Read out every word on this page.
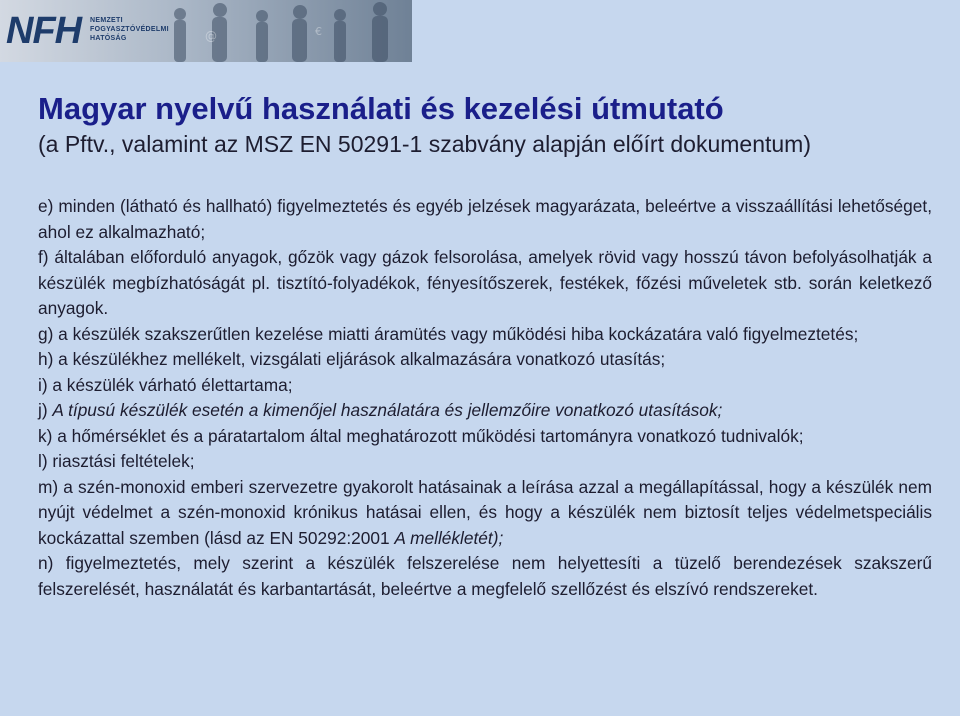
NFH NEMZETI
FOGYASZTÓVÉDELMI
HATÓSÁG	@	€
Magyar nyelvű használati és kezelési útmutató
(a Pftv., valamint az MSZ EN 50291-1 szabvány alapján előírt dokumentum)

e) minden (látható és hallható) figyelmeztetés és egyéb jelzések magyarázata, beleértve a visszaállítási lehetőséget, ahol ez alkalmazható;

f) általában előforduló anyagok, gőzök vagy gázok felsorolása, amelyek rövid vagy hosszú távon befolyásolhatják a készülék megbízhatóságát pl. tisztító-folyadékok, fényesítőszerek, festékek, főzési műveletek stb. során keletkező anyagok.

g) a készülék szakszerűtlen kezelése miatti áramütés vagy működési hiba kockázatára való figyelmeztetés;

h) a készülékhez mellékelt, vizsgálati eljárások alkalmazására vonatkozó utasítás;

i) a készülék várható élettartama;

j) A típusú készülék esetén a kimenőjel használatára és jellemzőire vonatkozó utasítások;

k) a hőmérséklet és a páratartalom által meghatározott működési tartományra vonatkozó tudnivalók;

l) riasztási feltételek;

m) a szén-monoxid emberi szervezetre gyakorolt hatásainak a leírása azzal a megállapítással, hogy a készülék nem nyújt védelmet a szén-monoxid krónikus hatásai ellen, és hogy a készülék nem biztosít teljes védelmetspeciális kockázattal szemben (lásd az EN 50292:2001 A mellékletét);

n) figyelmeztetés, mely szerint a készülék felszerelése nem helyettesíti a tüzelő berendezések szakszerű felszerelését, használatát és karbantartását, beleértve a megfelelő szellőzést és elszívó rendszereket.
